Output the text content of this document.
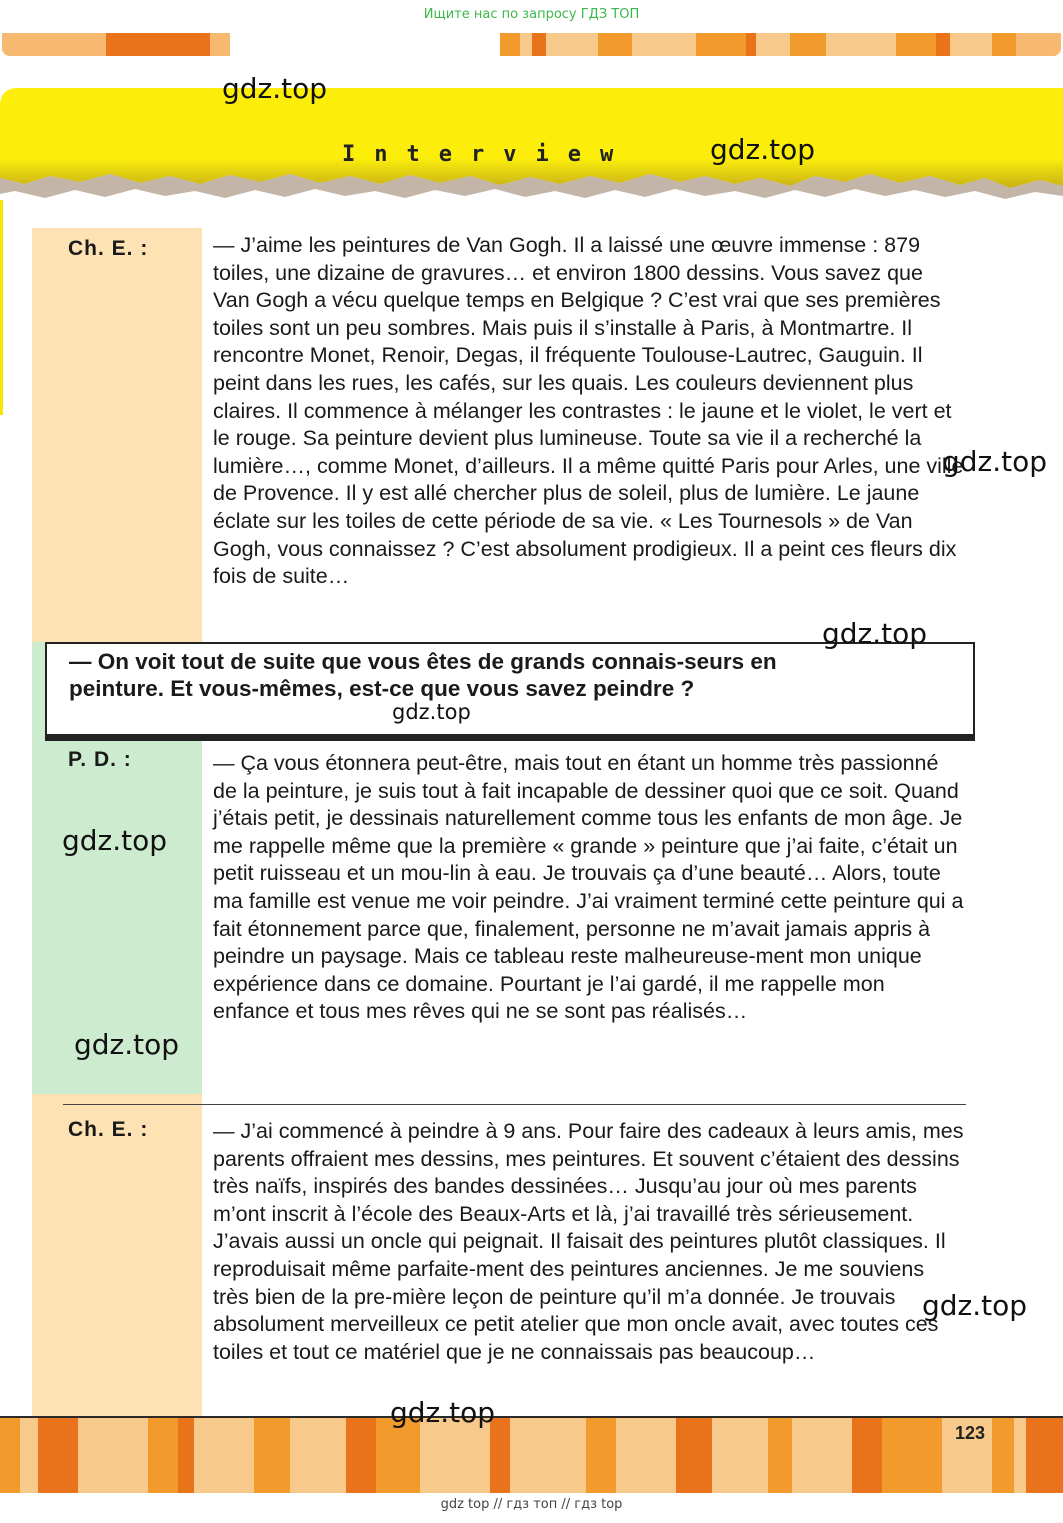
Ищите нас по запросу ГДЗ ТОП
Interview
Ch. E. :	— J’aime les peintures de Van Gogh. Il a laissé une œuvre immense : 879 toiles, une dizaine de gravures… et environ 1800 dessins. Vous savez que Van Gogh a vécu quelque temps en Belgique ? C’est vrai que ses premières toiles sont un peu sombres. Mais puis il s’installe à Paris, à Montmartre. Il rencontre Monet, Renoir, Degas, il fréquente Toulouse-Lautrec, Gauguin. Il peint dans les rues, les cafés, sur les quais. Les couleurs deviennent plus claires. Il commence à mélanger les contrastes : le jaune et le violet, le vert et le rouge. Sa peinture devient plus lumineuse. Toute sa vie il a recherché la lumière…, comme Monet, d’ailleurs. Il a même quitté Paris pour Arles, une ville de Provence. Il y est allé chercher plus de soleil, plus de lumière. Le jaune éclate sur les toiles de cette période de sa vie. « Les Tournesols » de Van Gogh, vous connaissez ? C’est absolument prodigieux. Il a peint ces fleurs dix fois de suite…

— On voit tout de suite que vous êtes de grands connais-seurs en peinture. Et vous-mêmes, est-ce que vous savez peindre ?

P. D. :	— Ça vous étonnera peut-être, mais tout en étant un homme très passionné de la peinture, je suis tout à fait incapable de dessiner quoi que ce soit. Quand j’étais petit, je dessinais naturellement comme tous les enfants de mon âge. Je me rappelle même que la première « grande » peinture que j’ai faite, c’était un petit ruisseau et un mou-lin à eau. Je trouvais ça d’une beauté… Alors, toute ma famille est venue me voir peindre. J’ai vraiment terminé cette peinture qui a fait étonnement parce que, finalement, personne ne m’avait jamais appris à peindre un paysage. Mais ce tableau reste malheureuse-ment mon unique expérience dans ce domaine. Pourtant je l’ai gardé, il me rappelle mon enfance et tous mes rêves qui ne se sont pas réalisés…

Ch. E. :	— J’ai commencé à peindre à 9 ans. Pour faire des cadeaux à leurs amis, mes parents offraient mes dessins, mes peintures. Et souvent c’étaient des dessins très naïfs, inspirés des bandes dessinées… Jusqu’au jour où mes parents m’ont inscrit à l’école des Beaux-Arts et là, j’ai travaillé très sérieusement. J’avais aussi un oncle qui peignait. Il faisait des peintures plutôt classiques. Il reproduisait même parfaite-ment des peintures anciennes. Je me souviens très bien de la pre-mière leçon de peinture qu’il m’a donnée. Je trouvais absolument merveilleux ce petit atelier que mon oncle avait, avec toutes ces toiles et tout ce matériel que je ne connaissais pas beaucoup…

123
gdz.top
gdz.top
gdz.top
gdz.top
gdz.top
gdz.top
gdz.top
gdz.top
gdz.top
gdz top // гдз топ // гдз top
